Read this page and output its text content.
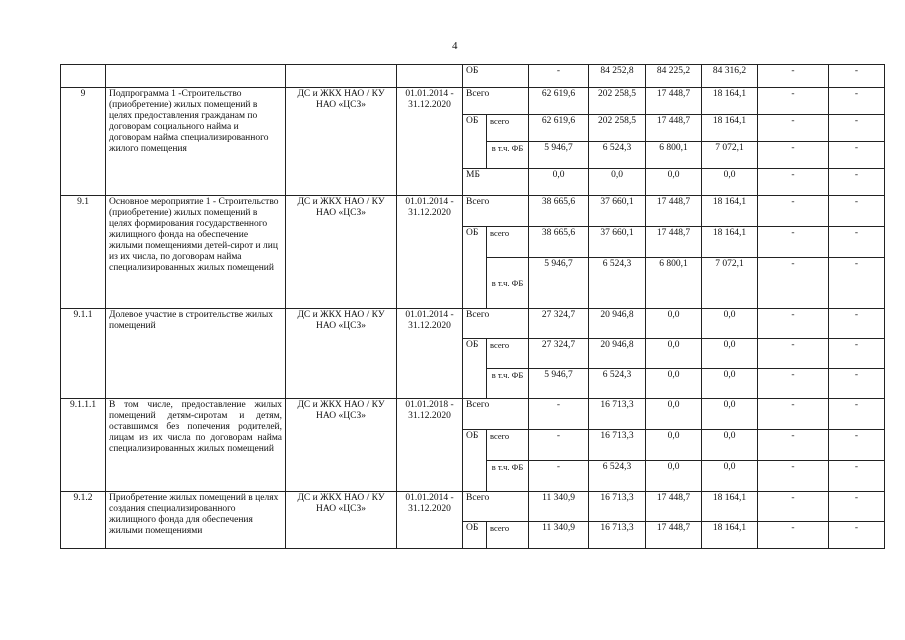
4
				ОБ		-	84 252,8	84 225,2	84 316,2	-	-
9	Подпрограмма 1 -Строительство (приобретение) жилых помещений в целях предоставления гражданам по договорам социального найма и договорам найма специализированного жилого помещения	ДС и ЖКХ НАО / КУ НАО «ЦСЗ»	01.01.2014 - 31.12.2020	Всего		62 619,6	202 258,5	17 448,7	18 164,1	-	-
				ОБ	всего	62 619,6	202 258,5	17 448,7	18 164,1	-	-
					в т.ч. ФБ	5 946,7	6 524,3	6 800,1	7 072,1	-	-
				МБ		0,0	0,0	0,0	0,0	-	-
9.1	Основное мероприятие 1 - Строительство (приобретение) жилых помещений в целях формирования государственного жилищного фонда на обеспечение жилыми помещениями детей-сирот и лиц из их числа, по договорам найма специализированных жилых помещений	ДС и ЖКХ НАО / КУ НАО «ЦСЗ»	01.01.2014 - 31.12.2020	Всего		38 665,6	37 660,1	17 448,7	18 164,1	-	-
				ОБ	всего	38 665,6	37 660,1	17 448,7	18 164,1	-	-
					в т.ч. ФБ	5 946,7	6 524,3	6 800,1	7 072,1	-	-
9.1.1	Долевое участие в строительстве жилых помещений	ДС и ЖКХ НАО / КУ НАО «ЦСЗ»	01.01.2014 - 31.12.2020	Всего		27 324,7	20 946,8	0,0	0,0	-	-
				ОБ	всего	27 324,7	20 946,8	0,0	0,0	-	-
					в т.ч. ФБ	5 946,7	6 524,3	0,0	0,0	-	-
9.1.1.1	В том числе, предоставление жилых помещений детям-сиротам и детям, оставшимся без попечения родителей, лицам из их числа по договорам найма специализированных жилых помещений	ДС и ЖКХ НАО / КУ НАО «ЦСЗ»	01.01.2018 - 31.12.2020	Всего		-	16 713,3	0,0	0,0	-	-
				ОБ	всего	-	16 713,3	0,0	0,0	-	-
					в т.ч. ФБ	-	6 524,3	0,0	0,0	-	-
9.1.2	Приобретение жилых помещений в целях создания специализированного жилищного фонда для обеспечения жилыми помещениями	ДС и ЖКХ НАО / КУ НАО «ЦСЗ»	01.01.2014 - 31.12.2020	Всего		11 340,9	16 713,3	17 448,7	18 164,1	-	-
				ОБ	всего	11 340,9	16 713,3	17 448,7	18 164,1	-	-
